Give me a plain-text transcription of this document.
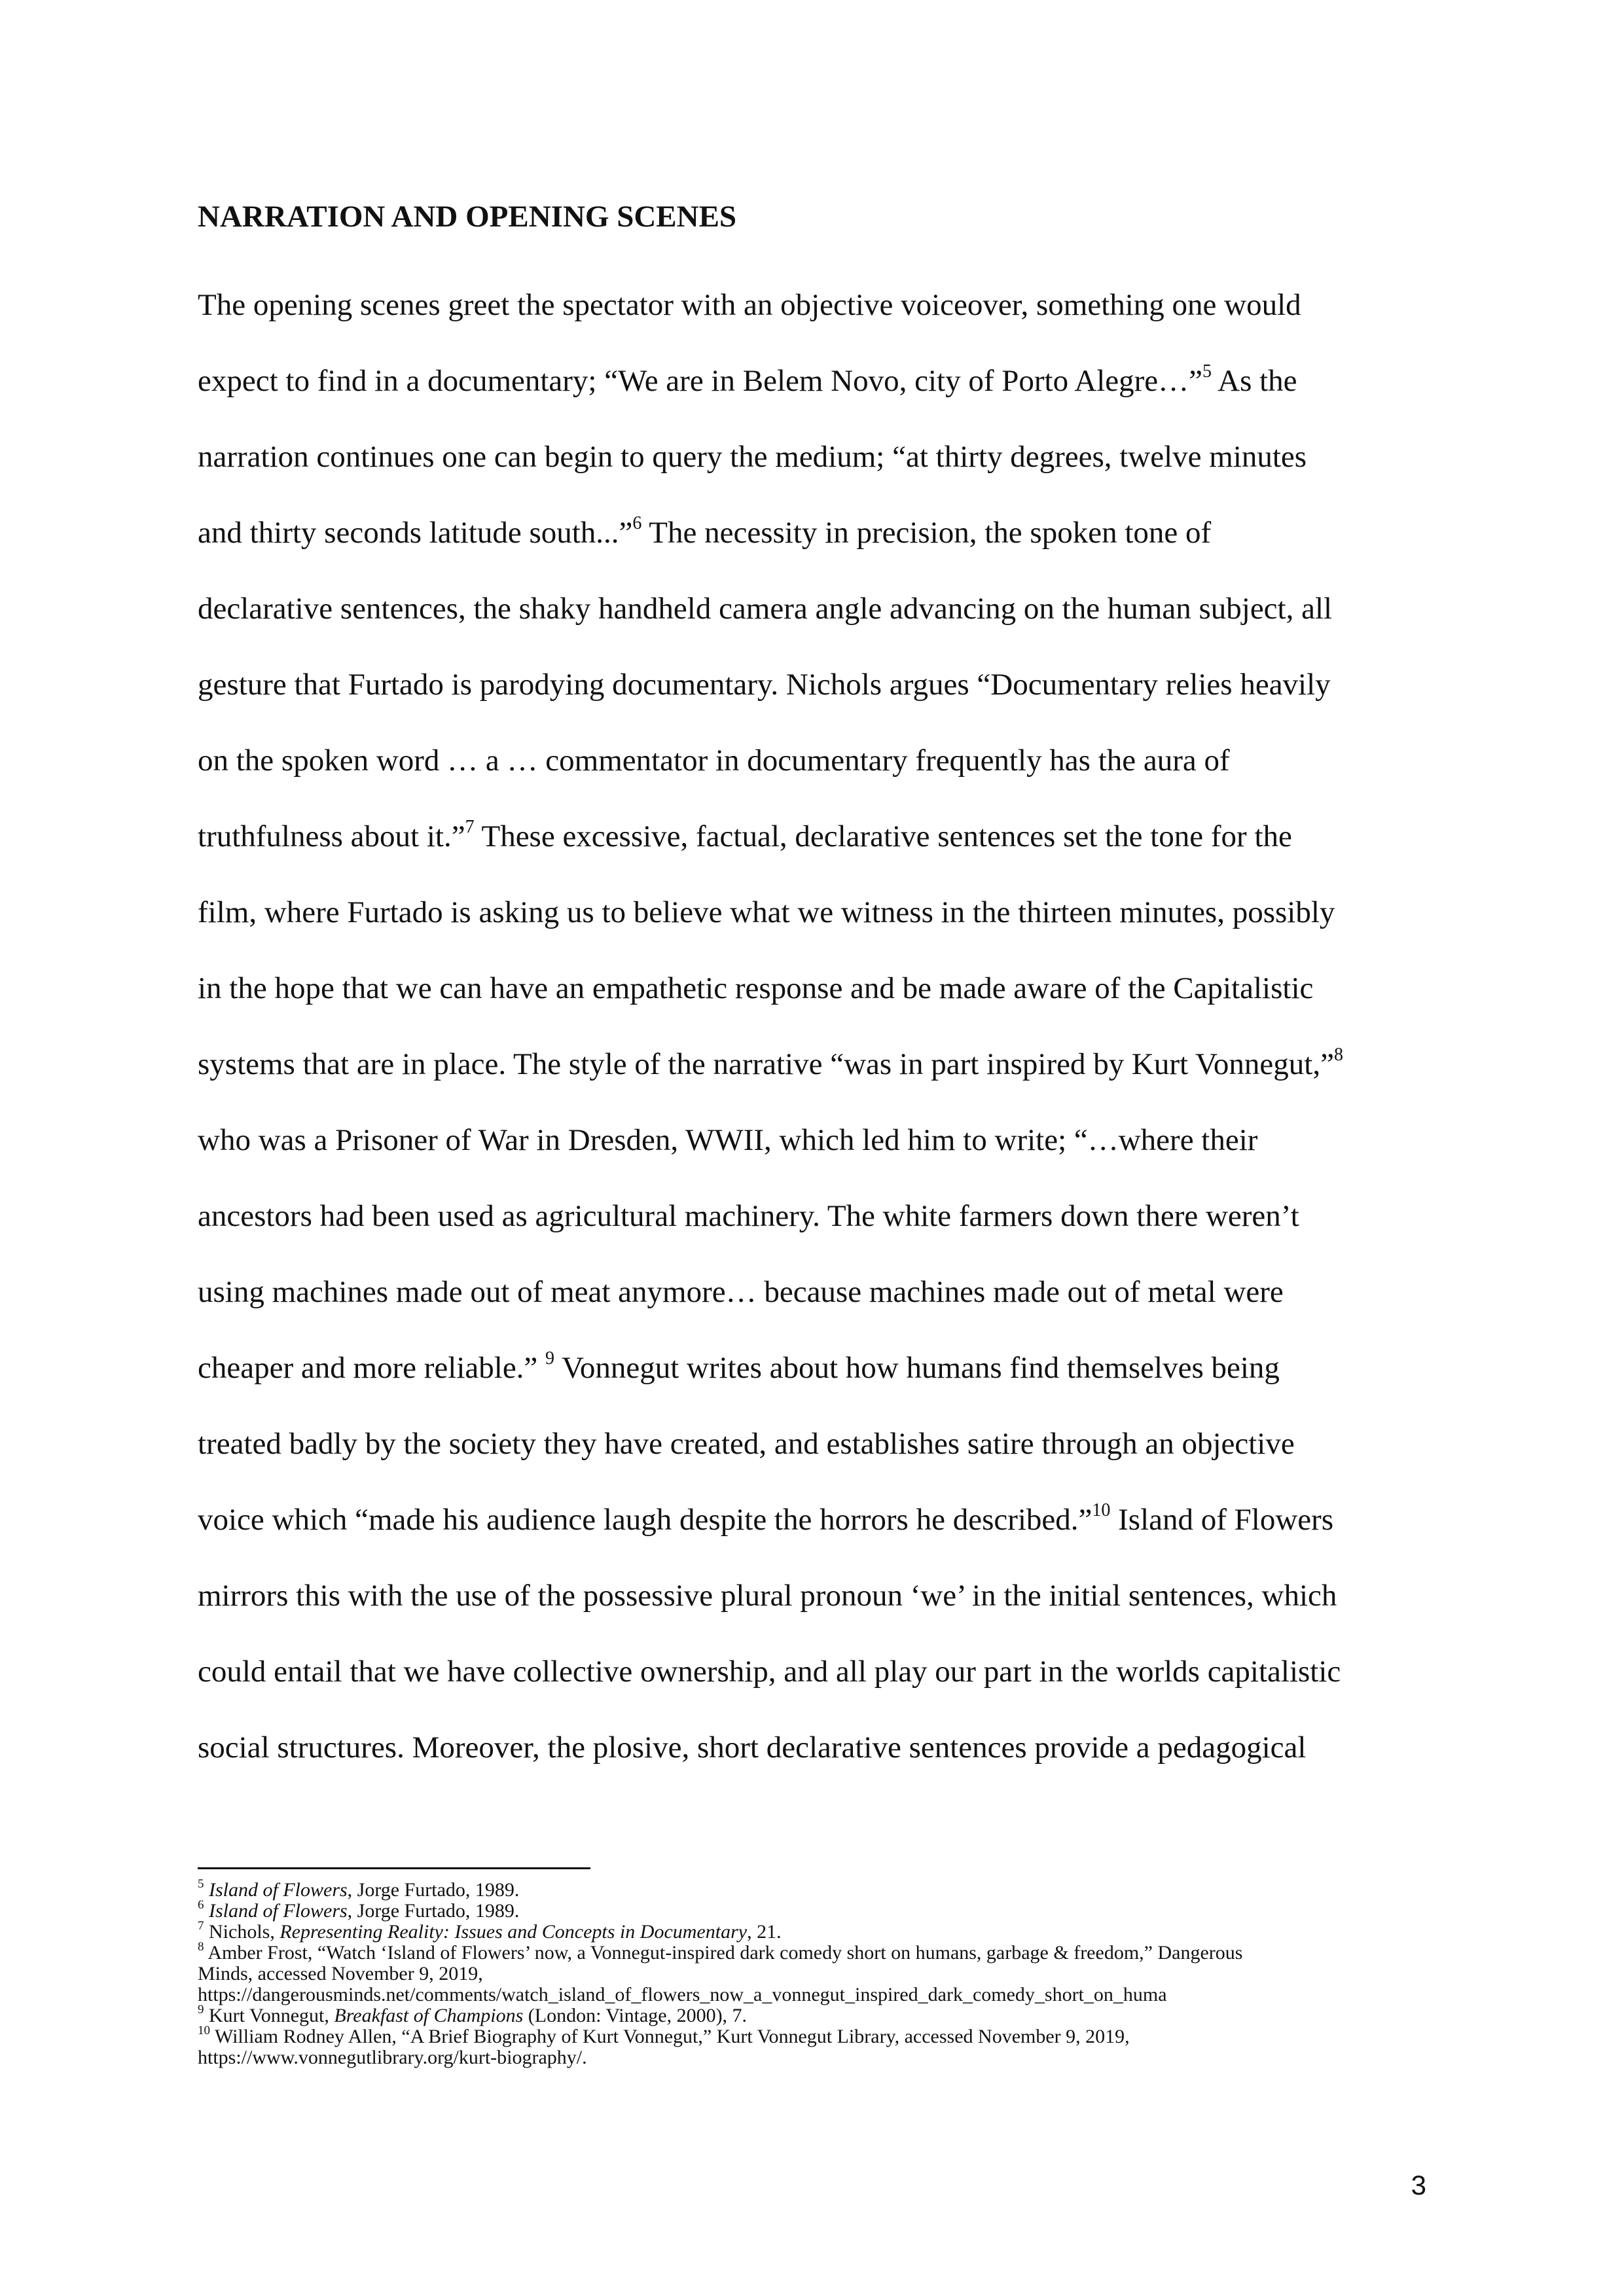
NARRATION AND OPENING SCENES
The opening scenes greet the spectator with an objective voiceover, something one would
expect to find in a documentary; “We are in Belem Novo, city of Porto Alegre…”$^5$ As the
narration continues one can begin to query the medium; “at thirty degrees, twelve minutes
and thirty seconds latitude south...”$^6$ The necessity in precision, the spoken tone of
declarative sentences, the shaky handheld camera angle advancing on the human subject, all
gesture that Furtado is parodying documentary. Nichols argues “Documentary relies heavily
on the spoken word … a … commentator in documentary frequently has the aura of
truthfulness about it.”$^7$ These excessive, factual, declarative sentences set the tone for the
film, where Furtado is asking us to believe what we witness in the thirteen minutes, possibly
in the hope that we can have an empathetic response and be made aware of the Capitalistic
systems that are in place. The style of the narrative “was in part inspired by Kurt Vonnegut,”$^8$
who was a Prisoner of War in Dresden, WWII, which led him to write; “…where their
ancestors had been used as agricultural machinery. The white farmers down there weren’t
using machines made out of meat anymore… because machines made out of metal were
cheaper and more reliable.” $^9$ Vonnegut writes about how humans find themselves being
treated badly by the society they have created, and establishes satire through an objective
voice which “made his audience laugh despite the horrors he described.”$^{10}$ Island of Flowers
mirrors this with the use of the possessive plural pronoun ‘we’ in the initial sentences, which
could entail that we have collective ownership, and all play our part in the worlds capitalistic
social structures. Moreover, the plosive, short declarative sentences provide a pedagogical
$^5$ Island of Flowers, Jorge Furtado, 1989.
$^6$ Island of Flowers, Jorge Furtado, 1989.
$^7$ Nichols, Representing Reality: Issues and Concepts in Documentary, 21.
$^8$ Amber Frost, “Watch ‘Island of Flowers’ now, a Vonnegut-inspired dark comedy short on humans, garbage & freedom,” Dangerous
Minds, accessed November 9, 2019,
https://dangerousminds.net/comments/watch_island_of_flowers_now_a_vonnegut_inspired_dark_comedy_short_on_huma
$^9$ Kurt Vonnegut, Breakfast of Champions (London: Vintage, 2000), 7.
$^{10}$ William Rodney Allen, “A Brief Biography of Kurt Vonnegut,” Kurt Vonnegut Library, accessed November 9, 2019,
https://www.vonnegutlibrary.org/kurt-biography/.
3
